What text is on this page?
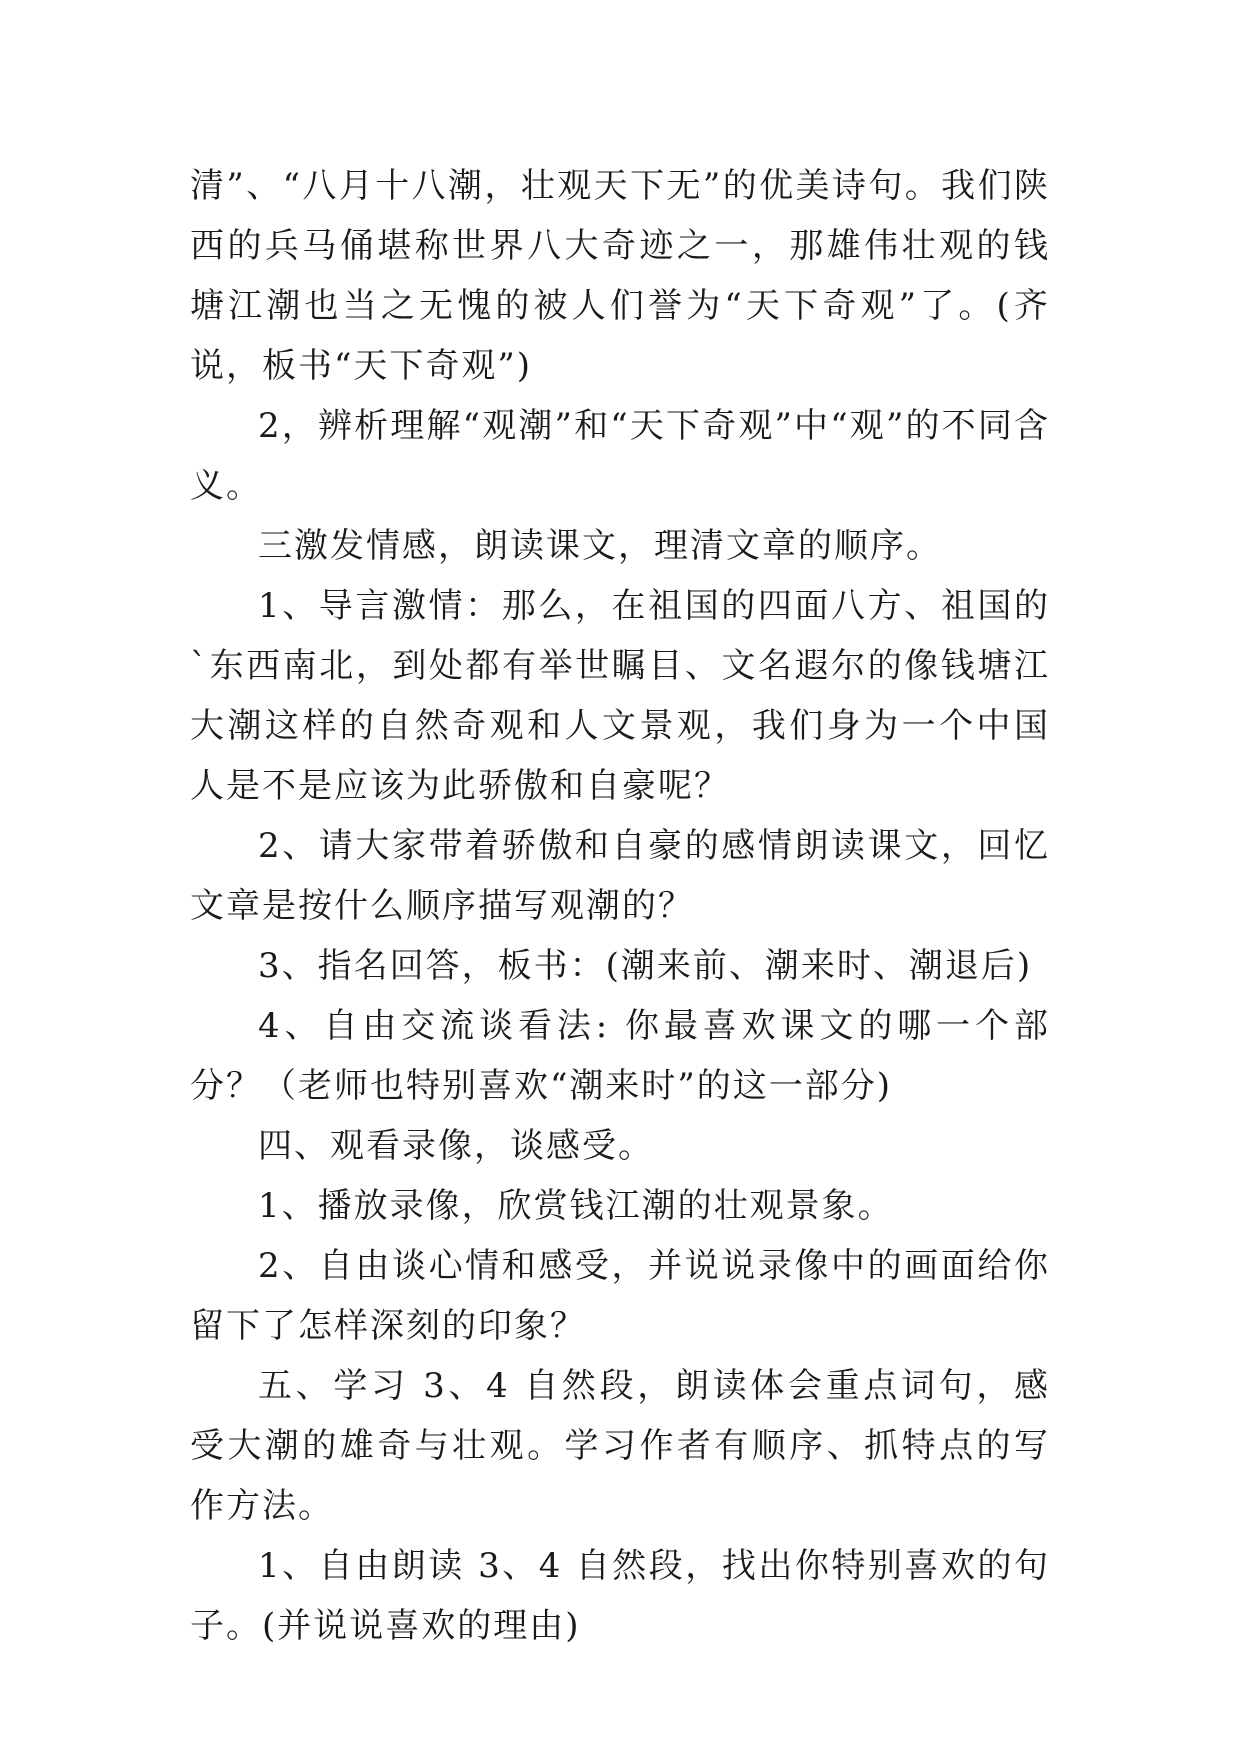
清”、“八月十八潮，壮观天下无”的优美诗句。我们陕西的兵马俑堪称世界八大奇迹之一，那雄伟壮观的钱塘江潮也当之无愧的被人们誉为“天下奇观”了。(齐说，板书“天下奇观”)

2，辨析理解“观潮”和“天下奇观”中“观”的不同含义。

三激发情感，朗读课文，理清文章的顺序。

1、导言激情：那么，在祖国的四面八方、祖国的`东西南北，到处都有举世瞩目、文名遐尔的像钱塘江大潮这样的自然奇观和人文景观，我们身为一个中国人是不是应该为此骄傲和自豪呢？

2、请大家带着骄傲和自豪的感情朗读课文，回忆文章是按什么顺序描写观潮的？

3、指名回答，板书：(潮来前、潮来时、潮退后)

4、自由交流谈看法: 你最喜欢课文的哪一个部分？（老师也特别喜欢“潮来时”的这一部分)

四、观看录像，谈感受。

1、播放录像，欣赏钱江潮的壮观景象。

2、自由谈心情和感受，并说说录像中的画面给你留下了怎样深刻的印象？

五、学习 3、4 自然段，朗读体会重点词句，感受大潮的雄奇与壮观。学习作者有顺序、抓特点的写作方法。

1、自由朗读 3、4 自然段，找出你特别喜欢的句子。(并说说喜欢的理由)
